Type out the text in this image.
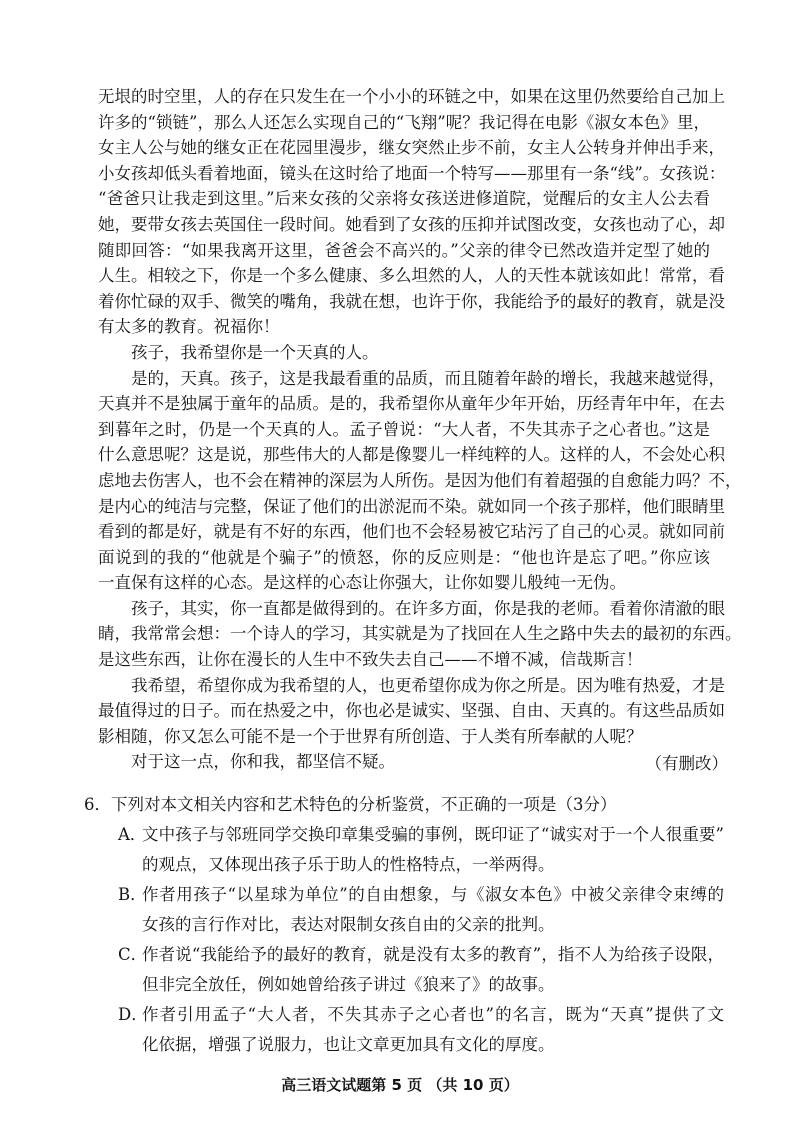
无垠的时空里，人的存在只发生在一个小小的环链之中，如果在这里仍然要给自己加上
许多的“锁链”，那么人还怎么实现自己的“飞翔”呢？我记得在电影《淑女本色》里，
女主人公与她的继女正在花园里漫步，继女突然止步不前，女主人公转身并伸出手来，
小女孩却低头看着地面，镜头在这时给了地面一个特写——那里有一条“线”。女孩说：
“爸爸只让我走到这里。”后来女孩的父亲将女孩送进修道院，觉醒后的女主人公去看
她，要带女孩去英国住一段时间。她看到了女孩的压抑并试图改变，女孩也动了心，却
随即回答：“如果我离开这里，爸爸会不高兴的。”父亲的律令已然改造并定型了她的
人生。相较之下，你是一个多么健康、多么坦然的人，人的天性本就该如此！常常，看
着你忙碌的双手、微笑的嘴角，我就在想，也许于你，我能给予的最好的教育，就是没
有太多的教育。祝福你！
孩子，我希望你是一个天真的人。
是的，天真。孩子，这是我最看重的品质，而且随着年龄的增长，我越来越觉得，
天真并不是独属于童年的品质。是的，我希望你从童年少年开始，历经青年中年，在去
到暮年之时，仍是一个天真的人。孟子曾说：“大人者，不失其赤子之心者也。”这是
什么意思呢？这是说，那些伟大的人都是像婴儿一样纯粹的人。这样的人，不会处心积
虑地去伤害人，也不会在精神的深层为人所伤。是因为他们有着超强的自愈能力吗？不，
是内心的纯洁与完整，保证了他们的出淤泥而不染。就如同一个孩子那样，他们眼睛里
看到的都是好，就是有不好的东西，他们也不会轻易被它玷污了自己的心灵。就如同前
面说到的我的“他就是个骗子”的愤怒，你的反应则是：“他也许是忘了吧。”你应该
一直保有这样的心态。是这样的心态让你强大，让你如婴儿般纯一无伪。
孩子，其实，你一直都是做得到的。在许多方面，你是我的老师。看着你清澈的眼
睛，我常常会想：一个诗人的学习，其实就是为了找回在人生之路中失去的最初的东西。
是这些东西，让你在漫长的人生中不致失去自己——不增不减，信哉斯言！
我希望，希望你成为我希望的人，也更希望你成为你之所是。因为唯有热爱，才是
最值得过的日子。而在热爱之中，你也必是诚实、坚强、自由、天真的。有这些品质如
影相随，你又怎么可能不是一个于世界有所创造、于人类有所奉献的人呢？
对于这一点，你和我，都坚信不疑。	（有删改）
6．下列对本文相关内容和艺术特色的分析鉴赏，不正确的一项是（3分）
A．
文中孩子与邻班同学交换印章集受骗的事例，既印证了“诚实对于一个人很重要”
的观点，又体现出孩子乐于助人的性格特点，一举两得。
B．
作者用孩子“以星球为单位”的自由想象，与《淑女本色》中被父亲律令束缚的
女孩的言行作对比，表达对限制女孩自由的父亲的批判。
C．
作者说“我能给予的最好的教育，就是没有太多的教育”，指不人为给孩子设限，
但非完全放任，例如她曾给孩子讲过《狼来了》的故事。
D．
作者引用孟子“大人者，不失其赤子之心者也”的名言，既为“天真”提供了文
化依据，增强了说服力，也让文章更加具有文化的厚度。
高三语文试题第 5 页 （共 10 页）
